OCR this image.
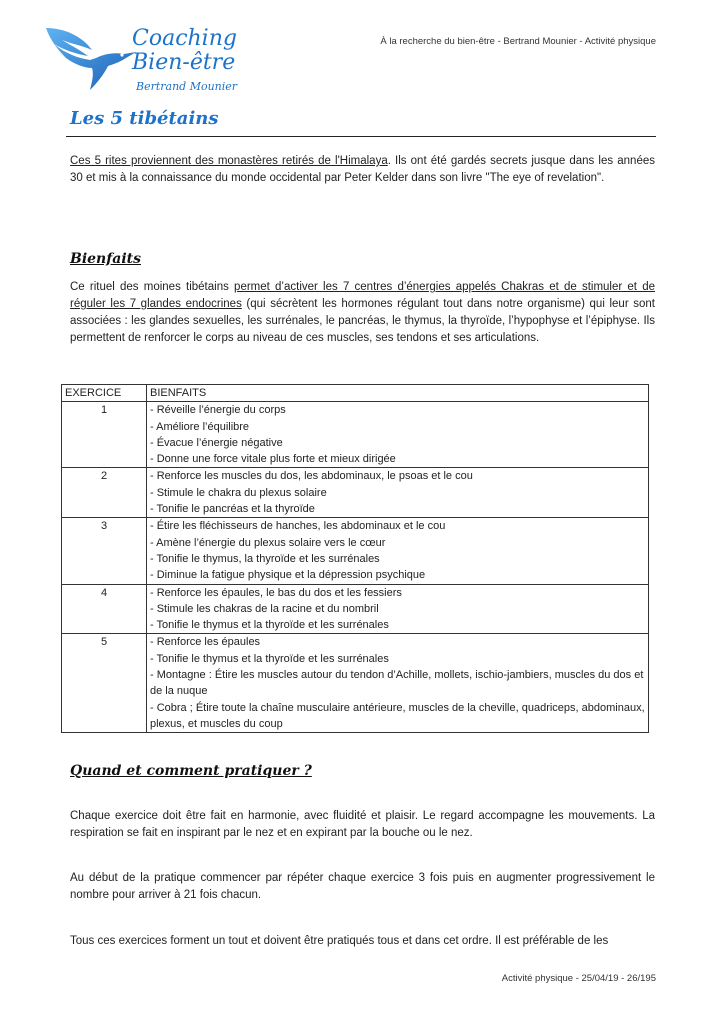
À la recherche du bien-être - Bertrand Mounier - Activité physique
Coaching
Bien-être
Bertrand Mounier
Les 5 tibétains
Ces 5 rites proviennent des monastères retirés de l'Himalaya. Ils ont été gardés secrets jusque dans les années 30 et mis à la connaissance du monde occidental par Peter Kelder dans son livre "The eye of revelation".
Bienfaits
Ce rituel des moines tibétains permet d’activer les 7 centres d’énergies appelés Chakras et de stimuler et de réguler les 7 glandes endocrines (qui sécrètent les hormones régulant tout dans notre organisme) qui leur sont associées : les glandes sexuelles, les surrénales, le pancréas, le thymus, la thyroïde, l’hypophyse et l’épiphyse. Ils permettent de renforcer le corps au niveau de ces muscles, ses tendons et ses articulations.
EXERCICE	BIENFAITS
1	- Réveille l’énergie du corps
- Améliore l’équilibre
- Évacue l’énergie négative
- Donne une force vitale plus forte et mieux dirigée

2	- Renforce les muscles du dos, les abdominaux, le psoas et le cou
- Stimule le chakra du plexus solaire
- Tonifie le pancréas et la thyroïde

3	- Étire les fléchisseurs de hanches, les abdominaux et le cou
- Amène l’énergie du plexus solaire vers le cœur
- Tonifie le thymus, la thyroïde et les surrénales
- Diminue la fatigue physique et la dépression psychique

4	- Renforce les épaules, le bas du dos et les fessiers
- Stimule les chakras de la racine et du nombril
- Tonifie le thymus et la thyroïde et les surrénales

5	- Renforce les épaules
- Tonifie le thymus et la thyroïde et les surrénales
- Montagne : Étire les muscles autour du tendon d’Achille, mollets, ischio-jambiers, muscles du dos et de la nuque
- Cobra ; Étire toute la chaîne musculaire antérieure, muscles de la cheville, quadriceps, abdominaux, plexus, et muscles du coup
Quand et comment pratiquer ?
Chaque exercice doit être fait en harmonie, avec fluidité et plaisir. Le regard accompagne les mouvements. La respiration se fait en inspirant par le nez et en expirant par la bouche ou le nez.
Au début de la pratique commencer par répéter chaque exercice 3 fois puis en augmenter progressivement le nombre pour arriver à 21 fois chacun.
Tous ces exercices forment un tout et doivent être pratiqués tous et dans cet ordre. Il est préférable de les
Activité physique - 25/04/19 - 26/195
